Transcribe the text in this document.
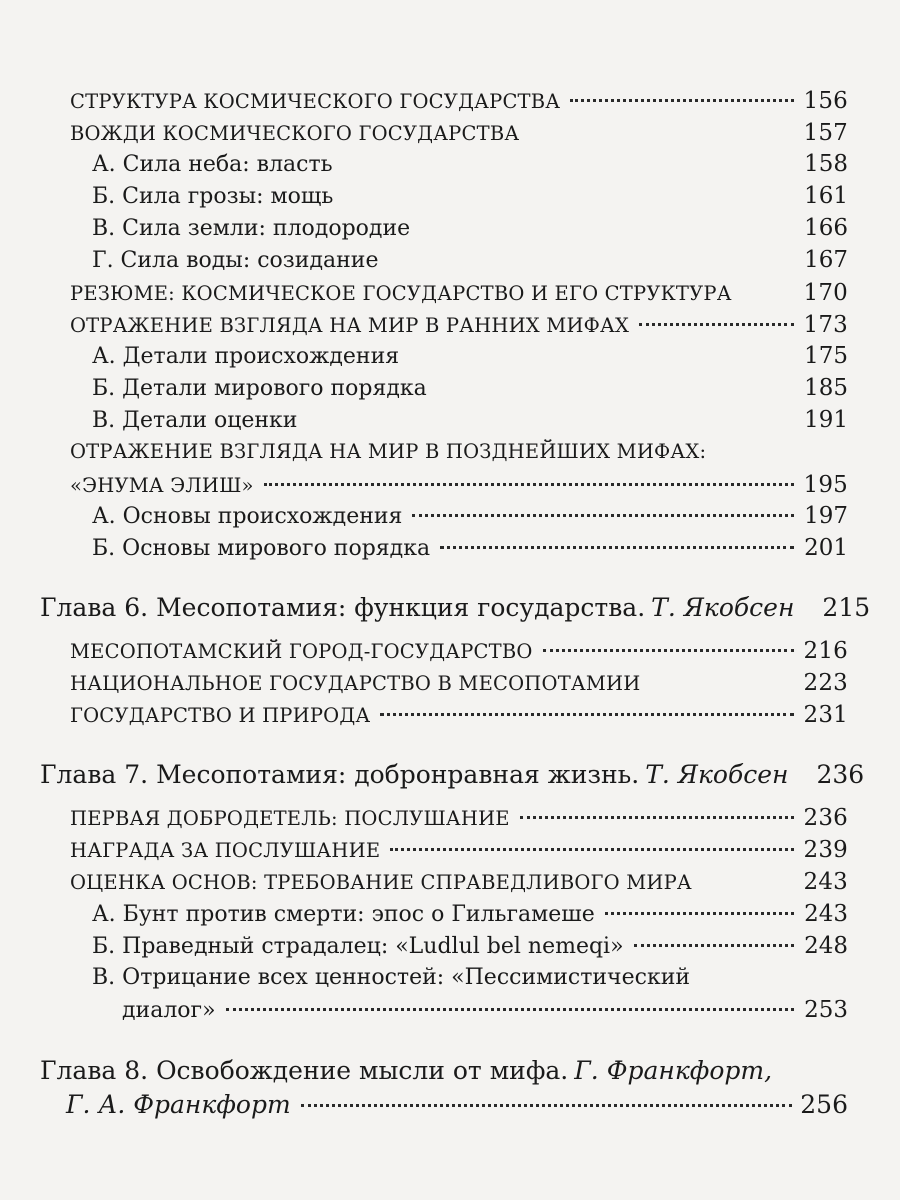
СТРУКТУРА КОСМИЧЕСКОГО ГОСУДАРСТВА	156
ВОЖДИ КОСМИЧЕСКОГО ГОСУДАРСТВА	157
А. Сила неба: власть	158
Б. Сила грозы: мощь	161
В. Сила земли: плодородие	166
Г. Сила воды: созидание	167
РЕЗЮМЕ: КОСМИЧЕСКОЕ ГОСУДАРСТВО И ЕГО СТРУКТУРА	170
ОТРАЖЕНИЕ ВЗГЛЯДА НА МИР В РАННИХ МИФАХ	173
А. Детали происхождения	175
Б. Детали мирового порядка	185
В. Детали оценки	191
ОТРАЖЕНИЕ ВЗГЛЯДА НА МИР В ПОЗДНЕЙШИХ МИФАХ:
«ЭНУМА ЭЛИШ»	195
А. Основы происхождения	197
Б. Основы мирового порядка	201
Глава 6. Месопотамия: функция государства. Т. Якобсен 215
МЕСОПОТАМСКИЙ ГОРОД-ГОСУДАРСТВО	216
НАЦИОНАЛЬНОЕ ГОСУДАРСТВО В МЕСОПОТАМИИ	223
ГОСУДАРСТВО И ПРИРОДА	231
Глава 7. Месопотамия: добронравная жизнь. Т. Якобсен 236
ПЕРВАЯ ДОБРОДЕТЕЛЬ: ПОСЛУШАНИЕ	236
НАГРАДА ЗА ПОСЛУШАНИЕ	239
ОЦЕНКА ОСНОВ: ТРЕБОВАНИЕ СПРАВЕДЛИВОГО МИРА	243
А. Бунт против смерти: эпос о Гильгамеше	243
Б. Праведный страдалец: «Ludlul bel nemeqi»	248
В. Отрицание всех ценностей: «Пессимистический
диалог»	253
Глава 8. Освобождение мысли от мифа. Г. Франкфорт,
Г. А. Франкфорт	256
